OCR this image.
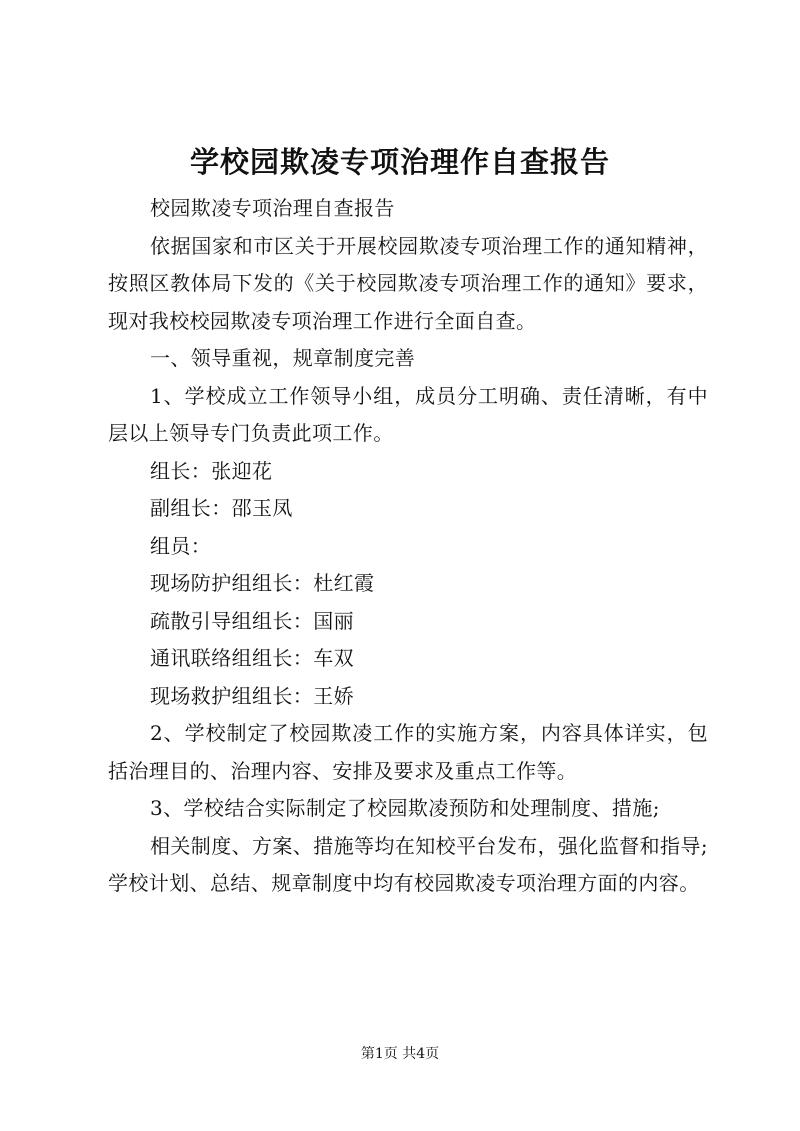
学校园欺凌专项治理作自查报告

校园欺凌专项治理自查报告

依据国家和市区关于开展校园欺凌专项治理工作的通知精神，按照区教体局下发的《关于校园欺凌专项治理工作的通知》要求，现对我校校园欺凌专项治理工作进行全面自查。

一、领导重视，规章制度完善

1、学校成立工作领导小组，成员分工明确、责任清晰，有中层以上领导专门负责此项工作。

组长：张迎花

副组长：邵玉凤

组员：

现场防护组组长：杜红霞

疏散引导组组长：国丽

通讯联络组组长：车双

现场救护组组长：王娇

2、学校制定了校园欺凌工作的实施方案，内容具体详实，包括治理目的、治理内容、安排及要求及重点工作等。

3、学校结合实际制定了校园欺凌预防和处理制度、措施;

相关制度、方案、措施等均在知校平台发布，强化监督和指导;学校计划、总结、规章制度中均有校园欺凌专项治理方面的内容。

第1页 共4页
